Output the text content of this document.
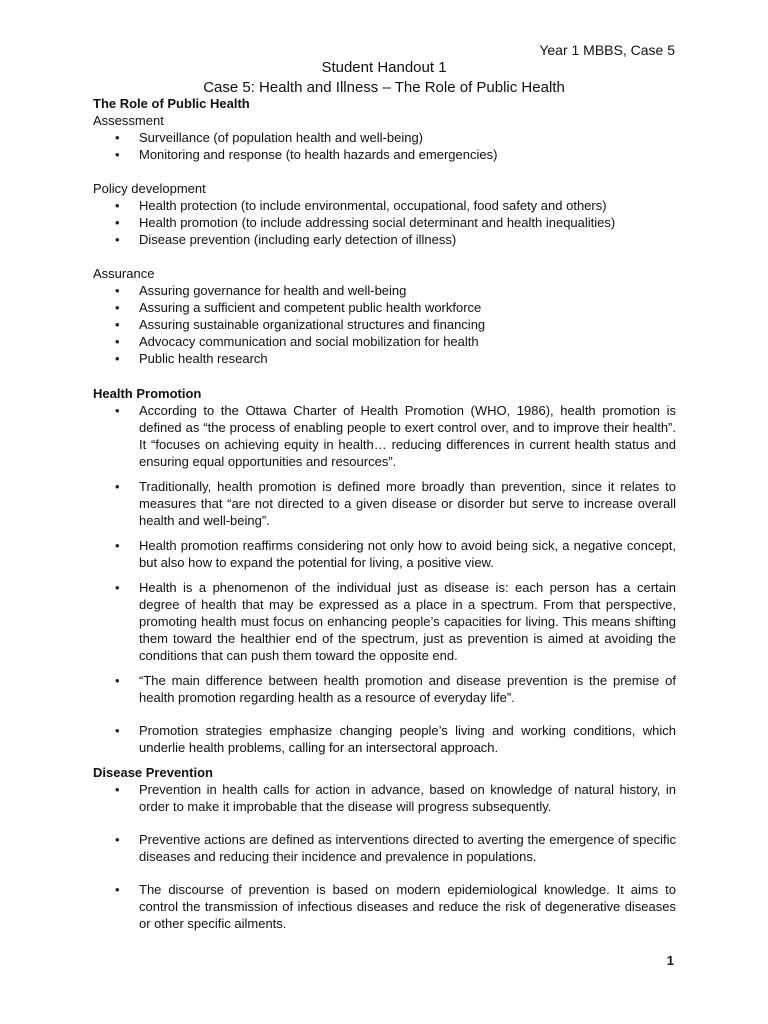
Year 1 MBBS, Case 5
Student Handout 1
Case 5: Health and Illness – The Role of Public Health

The Role of Public Health

Assessment

• Surveillance (of population health and well-being)
• Monitoring and response (to health hazards and emergencies)

Policy development

• Health protection (to include environmental, occupational, food safety and others)
• Health promotion (to include addressing social determinant and health inequalities)
• Disease prevention (including early detection of illness)

Assurance

• Assuring governance for health and well-being
• Assuring a sufficient and competent public health workforce
• Assuring sustainable organizational structures and financing
• Advocacy communication and social mobilization for health
• Public health research

Health Promotion

• According to the Ottawa Charter of Health Promotion (WHO, 1986), health promotion is defined as “the process of enabling people to exert control over, and to improve their health”. It “focuses on achieving equity in health… reducing differences in current health status and ensuring equal opportunities and resources”.
• Traditionally, health promotion is defined more broadly than prevention, since it relates to measures that “are not directed to a given disease or disorder but serve to increase overall health and well-being”.
• Health promotion reaffirms considering not only how to avoid being sick, a negative concept, but also how to expand the potential for living, a positive view.
• Health is a phenomenon of the individual just as disease is: each person has a certain degree of health that may be expressed as a place in a spectrum. From that perspective, promoting health must focus on enhancing people’s capacities for living. This means shifting them toward the healthier end of the spectrum, just as prevention is aimed at avoiding the conditions that can push them toward the opposite end.
• “The main difference between health promotion and disease prevention is the premise of health promotion regarding health as a resource of everyday life”.
• Promotion strategies emphasize changing people’s living and working conditions, which underlie health problems, calling for an intersectoral approach.

Disease Prevention

• Prevention in health calls for action in advance, based on knowledge of natural history, in order to make it improbable that the disease will progress subsequently.
• Preventive actions are defined as interventions directed to averting the emergence of specific diseases and reducing their incidence and prevalence in populations.
• The discourse of prevention is based on modern epidemiological knowledge. It aims to control the transmission of infectious diseases and reduce the risk of degenerative diseases or other specific ailments.
1
